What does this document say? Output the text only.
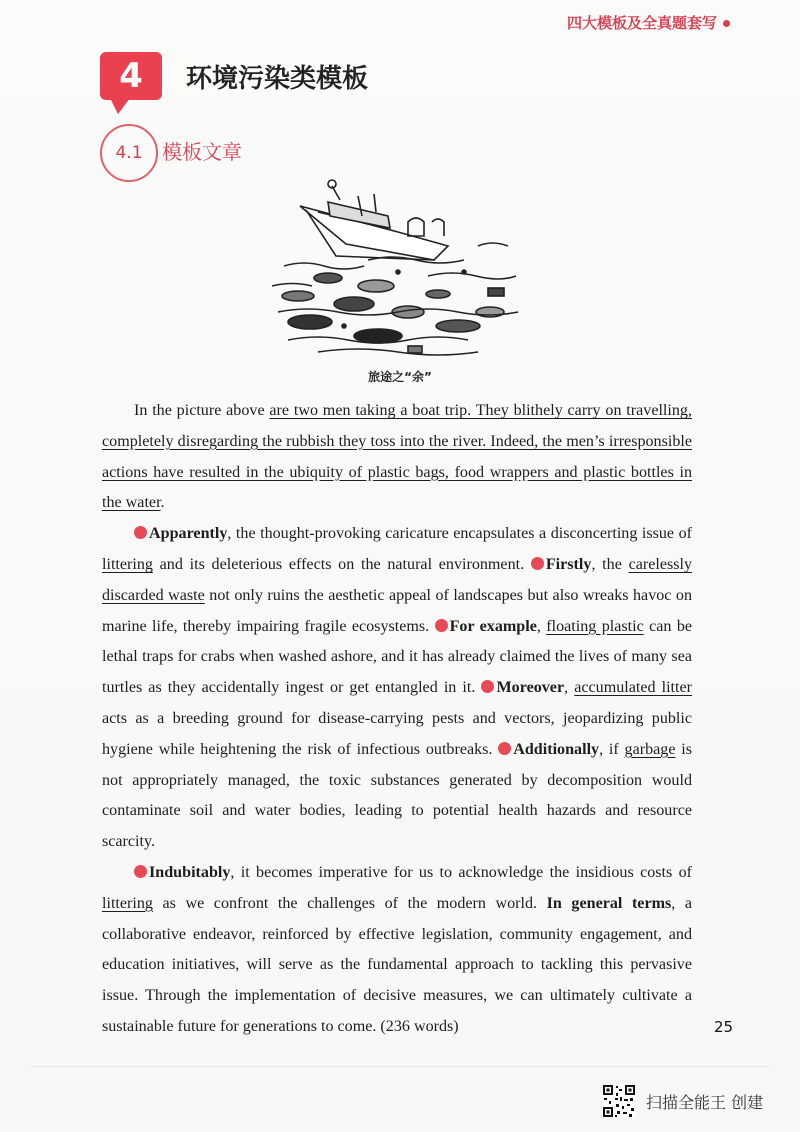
四大模板及全真题套写
4	环境污染类模板
4.1 模板文章
旅途之“余”

In the picture above are two men taking a boat trip. They blithely carry on travelling, completely disregarding the rubbish they toss into the river. Indeed, the men’s irresponsible actions have resulted in the ubiquity of plastic bags, food wrappers and plastic bottles in the water.

Apparently, the thought-provoking caricature encapsulates a disconcerting issue of littering and its deleterious effects on the natural environment. Firstly, the carelessly discarded waste not only ruins the aesthetic appeal of landscapes but also wreaks havoc on marine life, thereby impairing fragile ecosystems. For example, floating plastic can be lethal traps for crabs when washed ashore, and it has already claimed the lives of many sea turtles as they accidentally ingest or get entangled in it. Moreover, accumulated litter acts as a breeding ground for disease-carrying pests and vectors, jeopardizing public hygiene while heightening the risk of infectious outbreaks. Additionally, if garbage is not appropriately managed, the toxic substances generated by decomposition would contaminate soil and water bodies, leading to potential health hazards and resource scarcity.

Indubitably, it becomes imperative for us to acknowledge the insidious costs of littering as we confront the challenges of the modern world. In general terms, a collaborative endeavor, reinforced by effective legislation, community engagement, and education initiatives, will serve as the fundamental approach to tackling this pervasive issue. Through the implementation of decisive measures, we can ultimately cultivate a sustainable future for generations to come. (236 words)	25
扫描全能王 创建
